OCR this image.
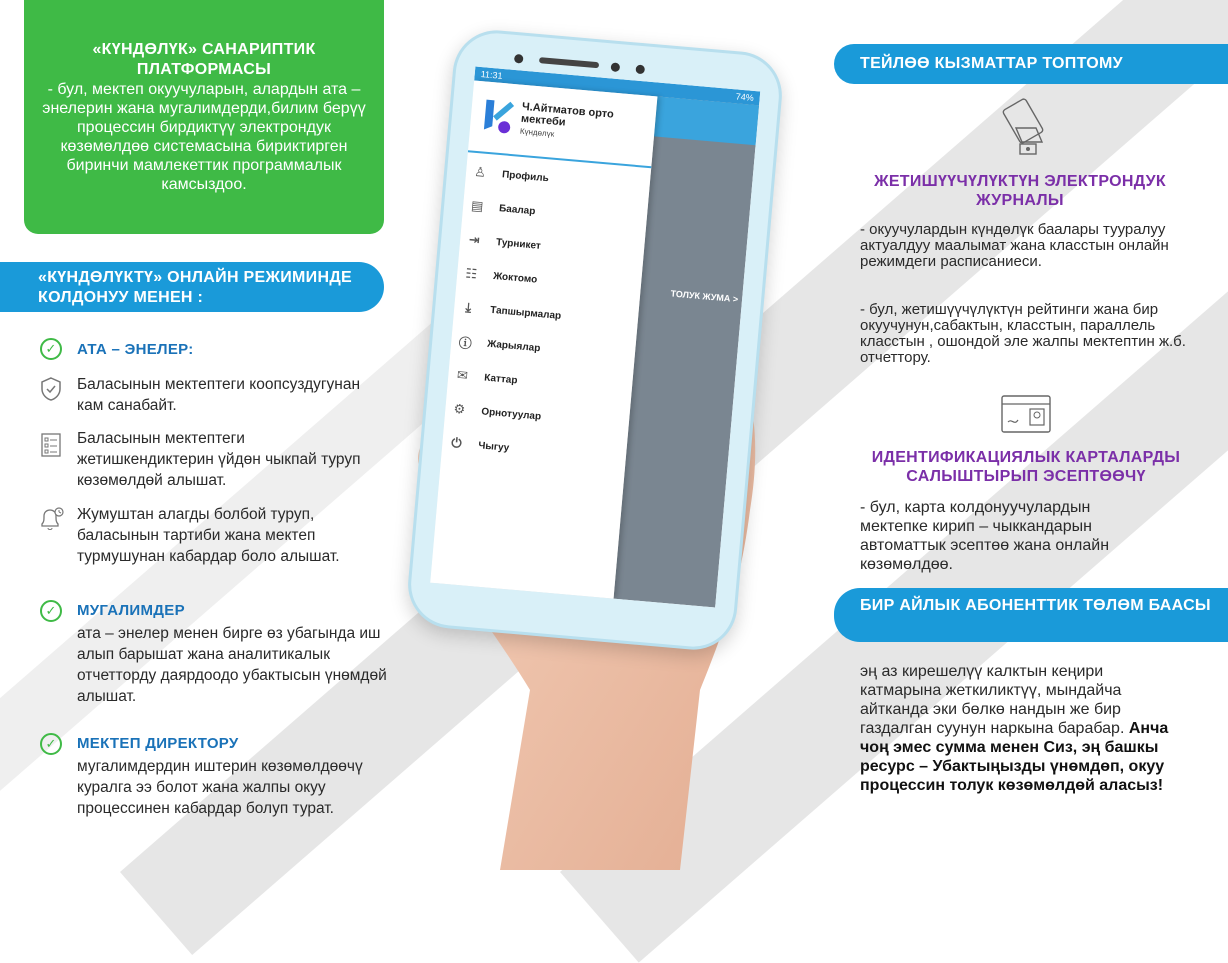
«КҮНДӨЛҮК» САНАРИПТИК ПЛАТФОРМАСЫ
- бул, мектеп окуучуларын, алардын ата – энелерин жана мугалимдерди,билим берүү процессин бирдиктүү электрондук көзөмөлдөө системасына бириктирген биринчи мамлекеттик программалык камсыздоо.
«КҮНДӨЛҮКТҮ» ОНЛАЙН РЕЖИМИНДЕ КОЛДОНУУ МЕНЕН :
✓	АТА – ЭНЕЛЕР:
Баласынын мектептеги коопсуздугунан кам санабайт.
Баласынын мектептеги жетишкендиктерин үйдөн чыкпай туруп көзөмөлдөй алышат.
Жумуштан алагды болбой туруп, баласынын тартиби жана мектеп турмушунан кабардар боло алышат.
✓	МУГАЛИМДЕР
ата – энелер менен бирге өз убагында иш алып барышат жана аналитикалык отчетторду даярдоодо убактысын үнөмдөй алышат.
✓	МЕКТЕП ДИРЕКТОРУ
мугалимдердин иштерин көзөмөлдөөчү куралга ээ болот жана жалпы окуу процессинен кабардар болуп турат.
11:31
74%
ТОЛУК ЖУМА >
Ч.Айтматов орто мектеби
Күндөлүк
♙	Профиль
▤	Баалар
⇥	Турникет
☷	Жоктомо
⤓	Тапшырмалар
ⓘ	Жарыялар
✉	Каттар
⚙	Орнотуулар
⏻	Чыгуу
ТЕЙЛӨӨ КЫЗМАТТАР ТОПТОМУ
ЖЕТИШҮҮЧҮЛҮКТҮН ЭЛЕКТРОНДУК ЖУРНАЛЫ
- окуучулардын күндөлүк баалары тууралуу актуалдуу маалымат жана класстын онлайн режимдеги расписаниеси.
- бул, жетишүүчүлүктүн рейтинги жана бир окуучунун,сабактын, класстын, параллель класстын , ошондой эле жалпы мектептин ж.б. отчеттору.
ИДЕНТИФИКАЦИЯЛЫК КАРТАЛАРДЫ САЛЫШТЫРЫП ЭСЕПТӨӨЧҮ
- бул, карта колдонуучулардын мектепке кирип – чыккандарын автоматтык эсептөө жана онлайн көзөмөлдөө.
БИР АЙЛЫК АБОНЕНТТИК ТӨЛӨМ БААСЫ
эң аз кирешелүү калктын кеңири катмарына жеткиликтүү, мындайча айтканда эки бөлкө нандын же бир газдалган суунун наркына барабар. Анча чоң эмес сумма менен Сиз, эң башкы ресурс – Убактыңызды үнөмдөп, окуу процессин толук көзөмөлдөй аласыз!
